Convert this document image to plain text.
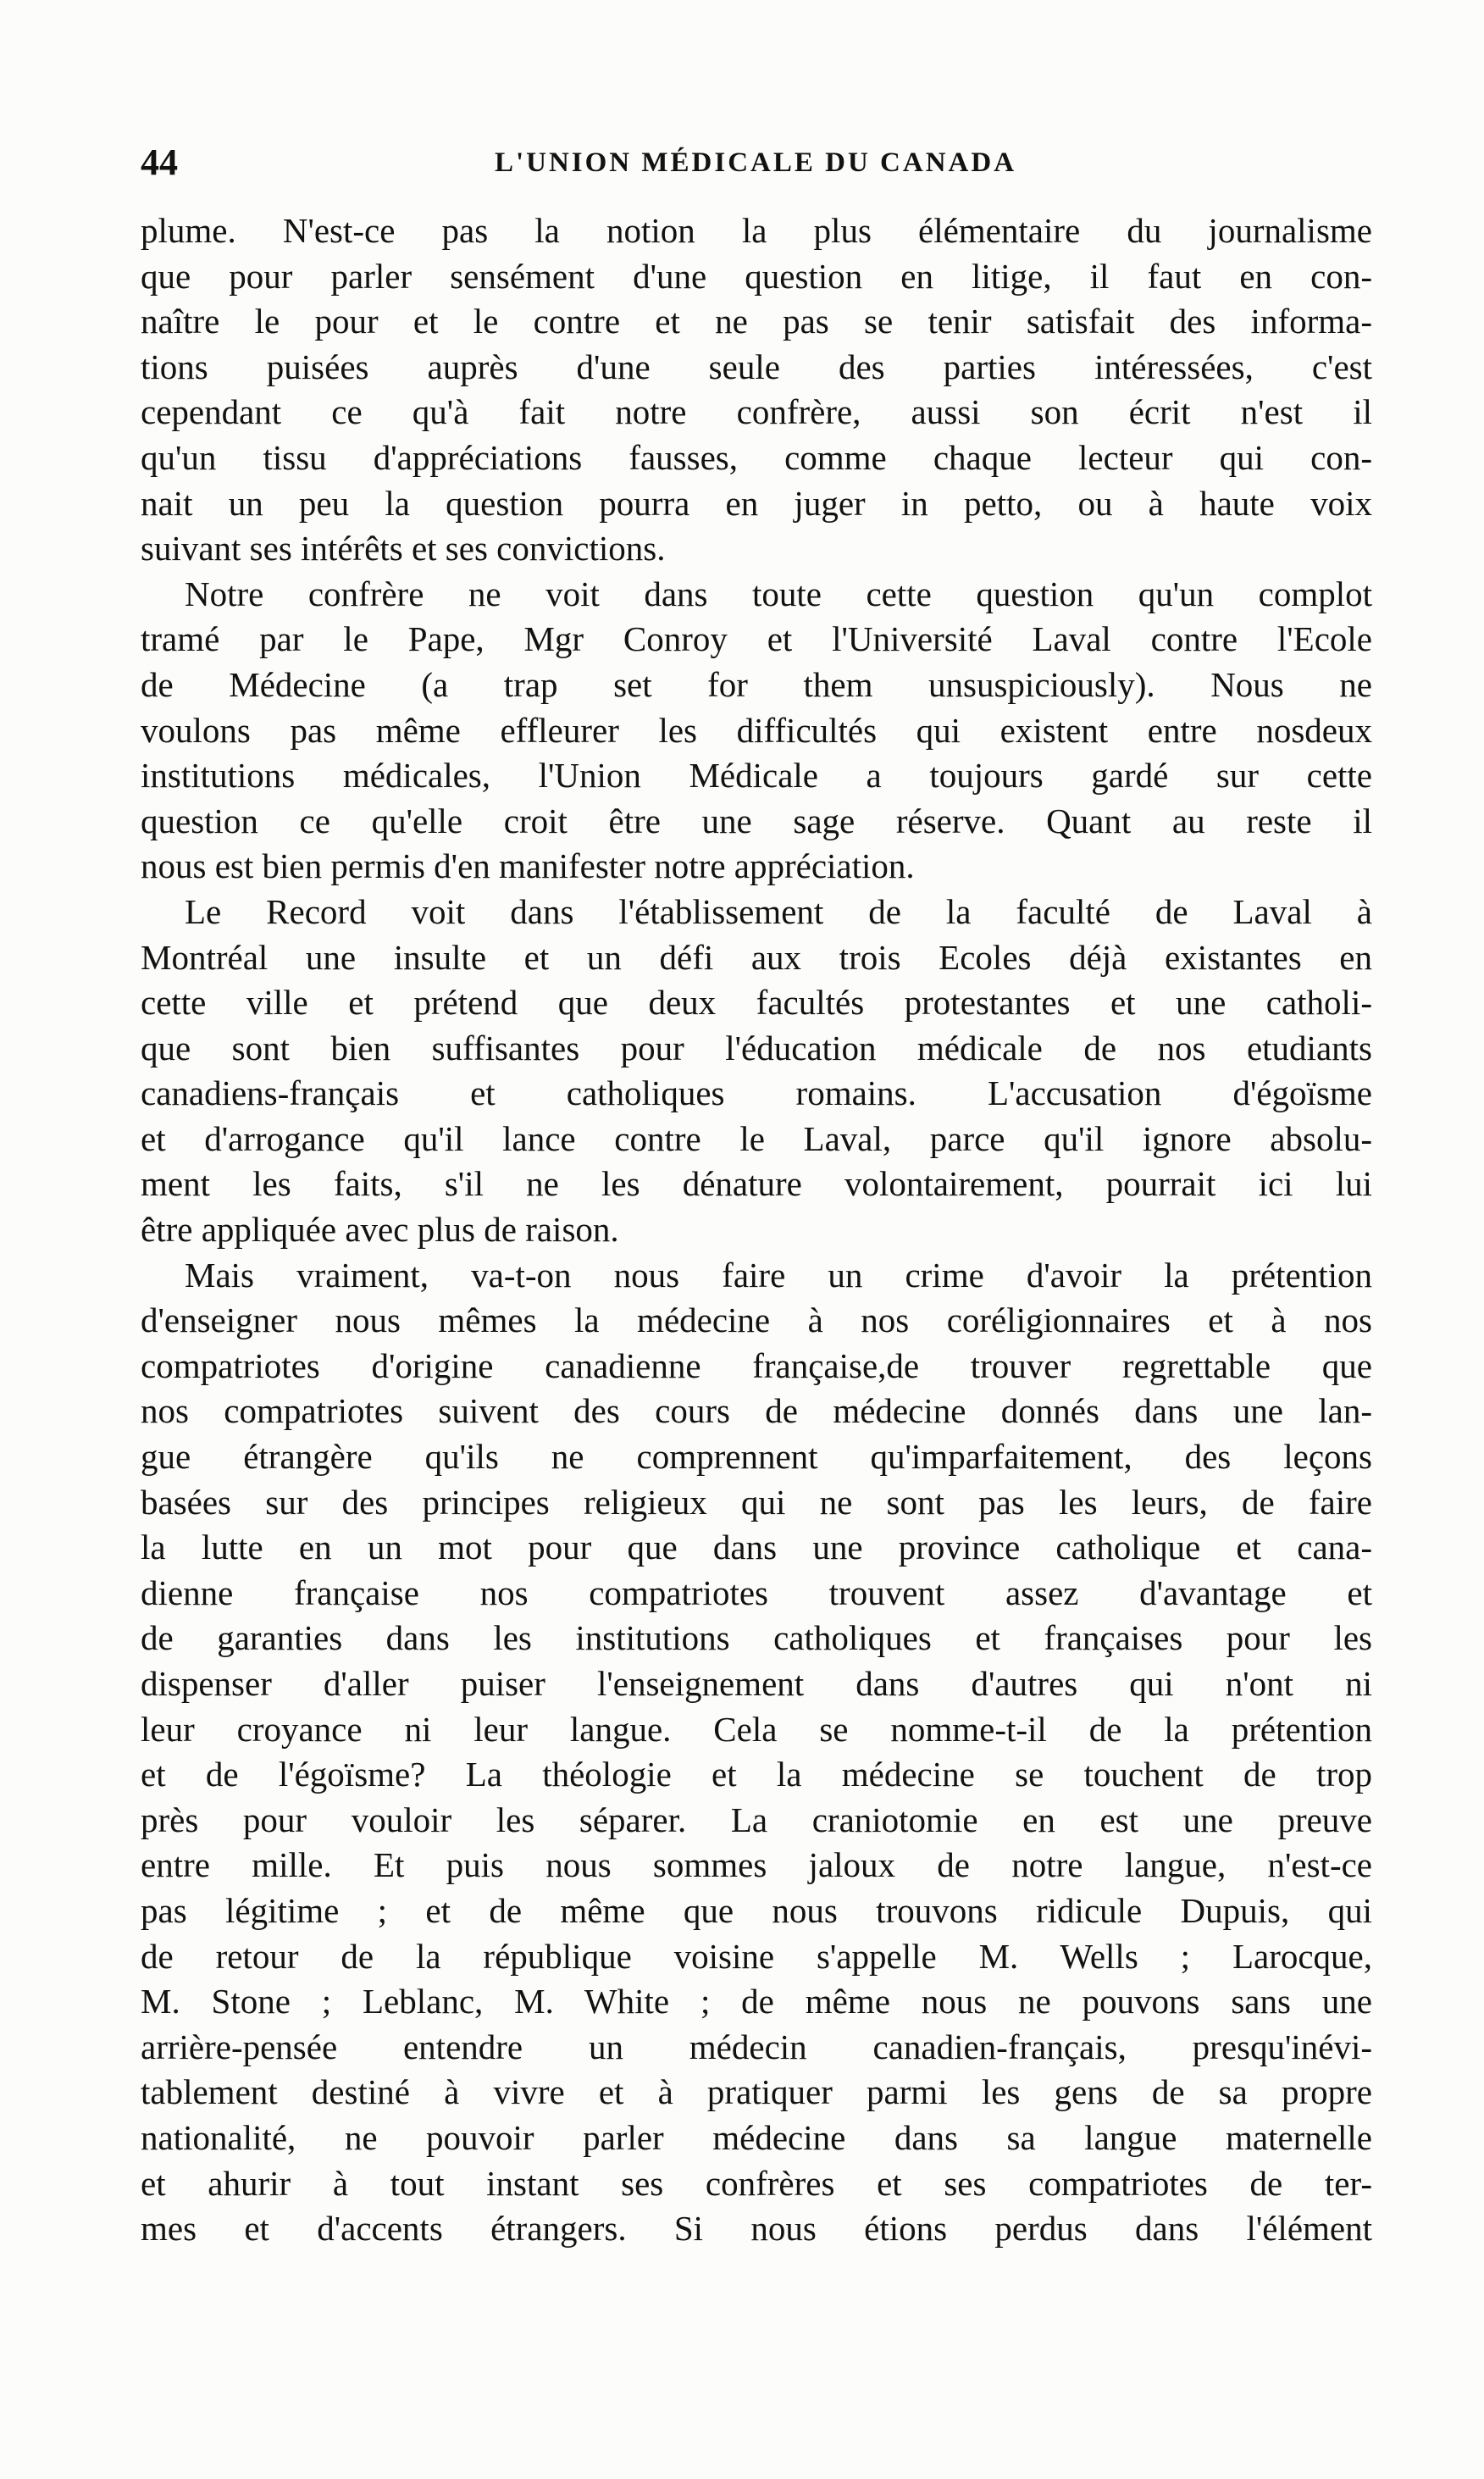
44	L'UNION MÉDICALE DU CANADA

plume. N'est-ce pas la notion la plus élémentaire du journalisme
que pour parler sensément d'une question en litige, il faut en con-
naître le pour et le contre et ne pas se tenir satisfait des informa-
tions puisées auprès d'une seule des parties intéressées, c'est
cependant ce qu'à fait notre confrère, aussi son écrit n'est il
qu'un tissu d'appréciations fausses, comme chaque lecteur qui con-
nait un peu la question pourra en juger in petto, ou à haute voix
suivant ses intérêts et ses convictions.

Notre confrère ne voit dans toute cette question qu'un complot
tramé par le Pape, Mgr Conroy et l'Université Laval contre l'Ecole
de Médecine (a trap set for them unsuspiciously). Nous ne
voulons pas même effleurer les difficultés qui existent entre nosdeux
institutions médicales, l'Union Médicale a toujours gardé sur cette
question ce qu'elle croit être une sage réserve. Quant au reste il
nous est bien permis d'en manifester notre appréciation.

Le Record voit dans l'établissement de la faculté de Laval à
Montréal une insulte et un défi aux trois Ecoles déjà existantes en
cette ville et prétend que deux facultés protestantes et une catholi-
que sont bien suffisantes pour l'éducation médicale de nos etudiants
canadiens-français et catholiques romains. L'accusation d'égoïsme
et d'arrogance qu'il lance contre le Laval, parce qu'il ignore absolu-
ment les faits, s'il ne les dénature volontairement, pourrait ici lui
être appliquée avec plus de raison.

Mais vraiment, va-t-on nous faire un crime d'avoir la prétention
d'enseigner nous mêmes la médecine à nos coréligionnaires et à nos
compatriotes d'origine canadienne française,de trouver regrettable que
nos compatriotes suivent des cours de médecine donnés dans une lan-
gue étrangère qu'ils ne comprennent qu'imparfaitement, des leçons
basées sur des principes religieux qui ne sont pas les leurs, de faire
la lutte en un mot pour que dans une province catholique et cana-
dienne française nos compatriotes trouvent assez d'avantage et
de garanties dans les institutions catholiques et françaises pour les
dispenser d'aller puiser l'enseignement dans d'autres qui n'ont ni
leur croyance ni leur langue. Cela se nomme-t-il de la prétention
et de l'égoïsme? La théologie et la médecine se touchent de trop
près pour vouloir les séparer. La craniotomie en est une preuve
entre mille. Et puis nous sommes jaloux de notre langue, n'est-ce
pas légitime ; et de même que nous trouvons ridicule Dupuis, qui
de retour de la république voisine s'appelle M. Wells ; Larocque,
M. Stone ; Leblanc, M. White ; de même nous ne pouvons sans une
arrière-pensée entendre un médecin canadien-français, presqu'inévi-
tablement destiné à vivre et à pratiquer parmi les gens de sa propre
nationalité, ne pouvoir parler médecine dans sa langue maternelle
et ahurir à tout instant ses confrères et ses compatriotes de ter-
mes et d'accents étrangers. Si nous étions perdus dans l'élément
